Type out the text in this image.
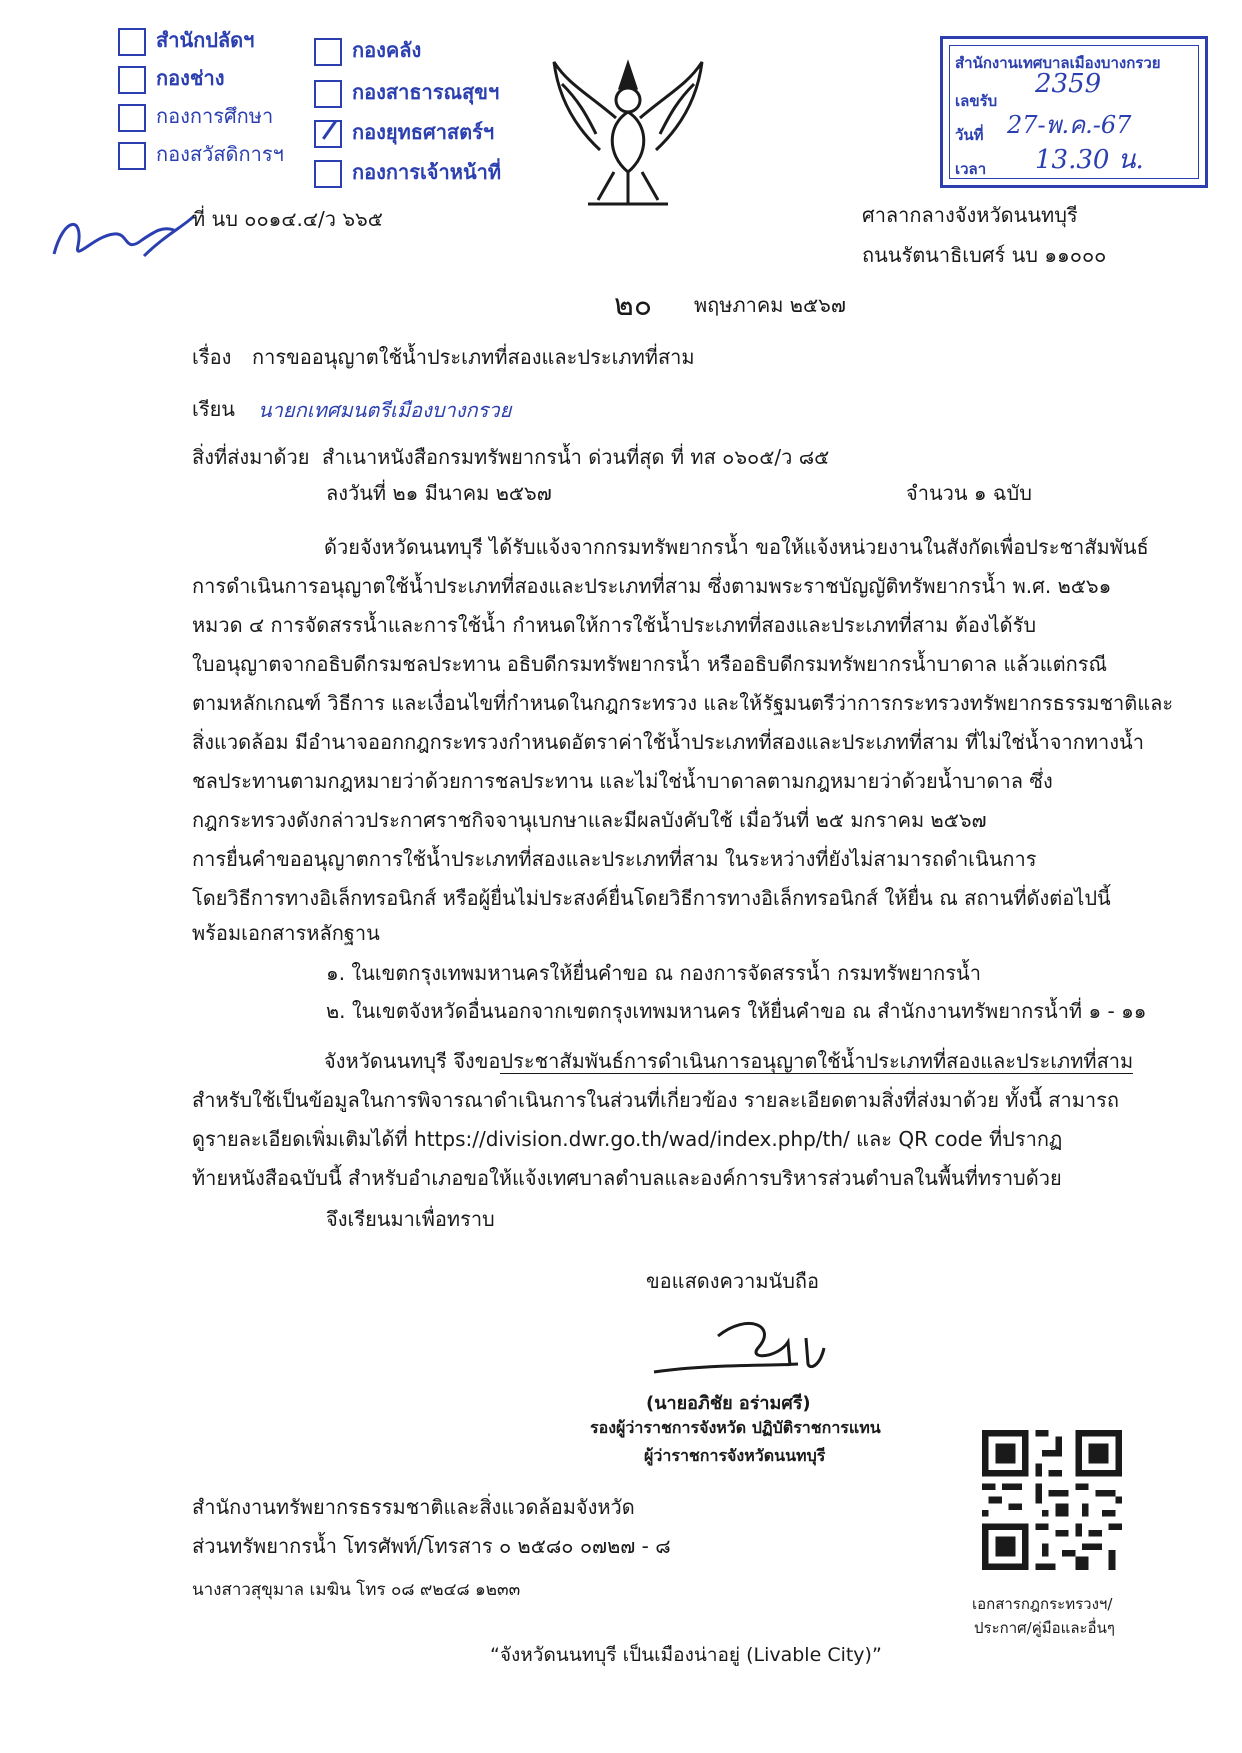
สำนักปลัดฯ
กองช่าง
กองการศึกษา
กองสวัสดิการฯ
กองคลัง
กองสาธารณสุขฯ
กองยุทธศาสตร์ฯ
กองการเจ้าหน้าที่
สำนักงานเทศบาลเมืองบางกรวย
เลขรับ
วันที่
เวลา
2359
27-พ.ค.-67
13.30 น.
ที่ นบ ๐๐๑๔.๔/ว ๖๖๕	ศาลากลางจังหวัดนนทบุรี
ถนนรัตนาธิเบศร์ นบ ๑๑๐๐๐
๒๐ พฤษภาคม ๒๕๖๗
เรื่อง การขออนุญาตใช้น้ำประเภทที่สองและประเภทที่สาม
เรียน นายกเทศมนตรีเมืองบางกรวย
สิ่งที่ส่งมาด้วย สำเนาหนังสือกรมทรัพยากรน้ำ ด่วนที่สุด ที่ ทส ๐๖๐๕/ว ๘๕
ลงวันที่ ๒๑ มีนาคม ๒๕๖๗	จำนวน ๑ ฉบับ
ด้วยจังหวัดนนทบุรี ได้รับแจ้งจากกรมทรัพยากรน้ำ ขอให้แจ้งหน่วยงานในสังกัดเพื่อประชาสัมพันธ์
การดำเนินการอนุญาตใช้น้ำประเภทที่สองและประเภทที่สาม ซึ่งตามพระราชบัญญัติทรัพยากรน้ำ พ.ศ. ๒๕๖๑
หมวด ๔ การจัดสรรน้ำและการใช้น้ำ กำหนดให้การใช้น้ำประเภทที่สองและประเภทที่สาม ต้องได้รับ
ใบอนุญาตจากอธิบดีกรมชลประทาน อธิบดีกรมทรัพยากรน้ำ หรืออธิบดีกรมทรัพยากรน้ำบาดาล แล้วแต่กรณี
ตามหลักเกณฑ์ วิธีการ และเงื่อนไขที่กำหนดในกฎกระทรวง และให้รัฐมนตรีว่าการกระทรวงทรัพยากรธรรมชาติและ
สิ่งแวดล้อม มีอำนาจออกกฎกระทรวงกำหนดอัตราค่าใช้น้ำประเภทที่สองและประเภทที่สาม ที่ไม่ใช่น้ำจากทางน้ำ
ชลประทานตามกฎหมายว่าด้วยการชลประทาน และไม่ใช่น้ำบาดาลตามกฎหมายว่าด้วยน้ำบาดาล ซึ่ง
กฎกระทรวงดังกล่าวประกาศราชกิจจานุเบกษาและมีผลบังคับใช้ เมื่อวันที่ ๒๕ มกราคม ๒๕๖๗
การยื่นคำขออนุญาตการใช้น้ำประเภทที่สองและประเภทที่สาม ในระหว่างที่ยังไม่สามารถดำเนินการ
โดยวิธีการทางอิเล็กทรอนิกส์ หรือผู้ยื่นไม่ประสงค์ยื่นโดยวิธีการทางอิเล็กทรอนิกส์ ให้ยื่น ณ สถานที่ดังต่อไปนี้
พร้อมเอกสารหลักฐาน
๑. ในเขตกรุงเทพมหานครให้ยื่นคำขอ ณ กองการจัดสรรน้ำ กรมทรัพยากรน้ำ
๒. ในเขตจังหวัดอื่นนอกจากเขตกรุงเทพมหานคร ให้ยื่นคำขอ ณ สำนักงานทรัพยากรน้ำที่ ๑ - ๑๑
จังหวัดนนทบุรี จึงขอประชาสัมพันธ์การดำเนินการอนุญาตใช้น้ำประเภทที่สองและประเภทที่สาม
สำหรับใช้เป็นข้อมูลในการพิจารณาดำเนินการในส่วนที่เกี่ยวข้อง รายละเอียดตามสิ่งที่ส่งมาด้วย ทั้งนี้ สามารถ
ดูรายละเอียดเพิ่มเติมได้ที่ https://division.dwr.go.th/wad/index.php/th/ และ QR code ที่ปรากฏ
ท้ายหนังสือฉบับนี้ สำหรับอำเภอขอให้แจ้งเทศบาลตำบลและองค์การบริหารส่วนตำบลในพื้นที่ทราบด้วย
จึงเรียนมาเพื่อทราบ
ขอแสดงความนับถือ
(นายอภิชัย อร่ามศรี)
รองผู้ว่าราชการจังหวัด ปฏิบัติราชการแทน
ผู้ว่าราชการจังหวัดนนทบุรี
เอกสารกฎกระทรวงฯ/
ประกาศ/คู่มือและอื่นๆ
สำนักงานทรัพยากรธรรมชาติและสิ่งแวดล้อมจังหวัด
ส่วนทรัพยากรน้ำ โทรศัพท์/โทรสาร ๐ ๒๕๘๐ ๐๗๒๗ - ๘
นางสาวสุขุมาล เมฆิน โทร ๐๘ ๙๒๔๘ ๑๒๓๓
“จังหวัดนนทบุรี เป็นเมืองน่าอยู่ (Livable City)”
